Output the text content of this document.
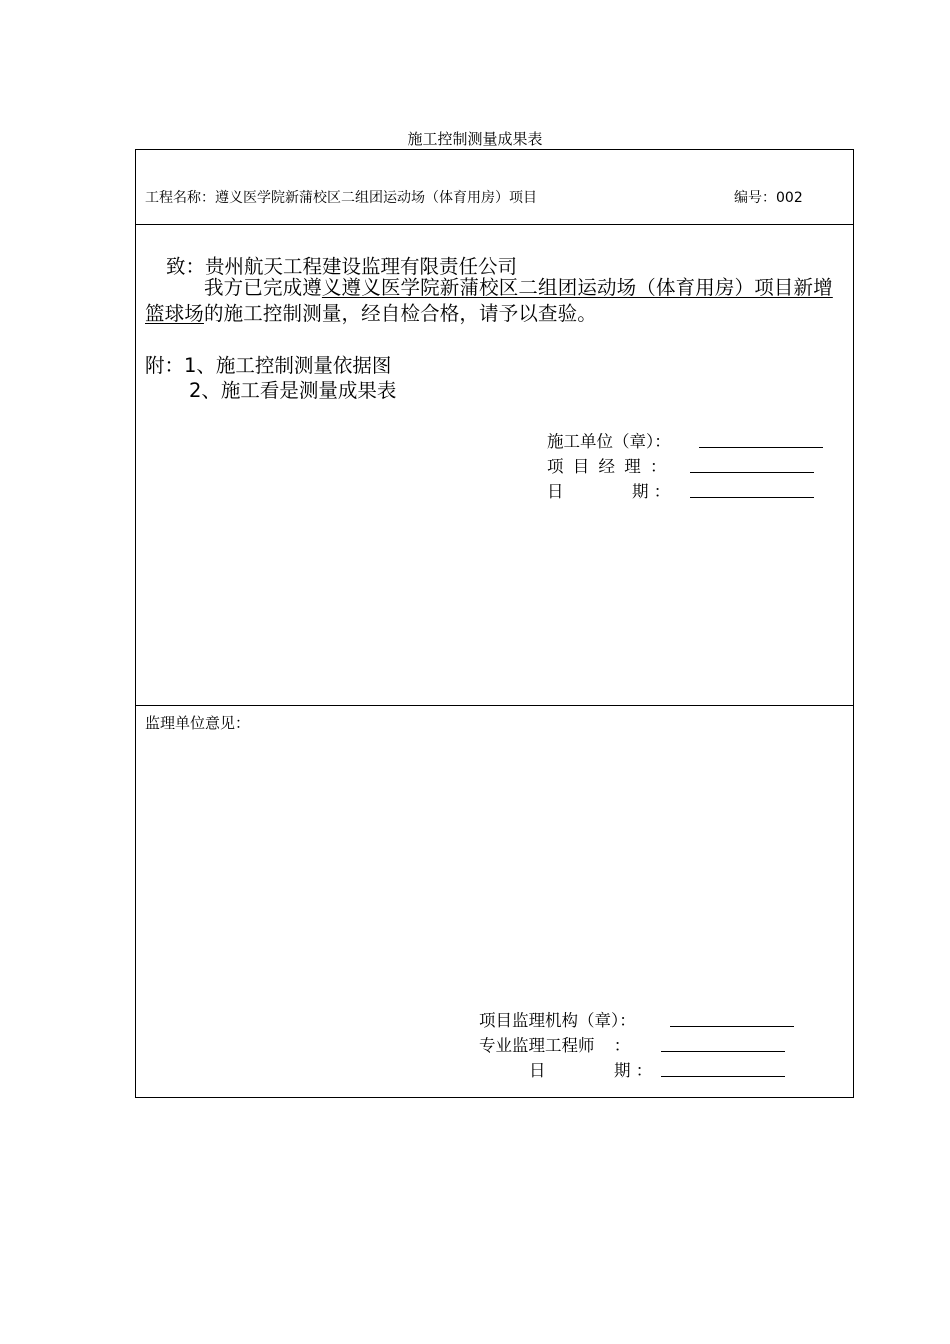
施工控制测量成果表
工程名称：遵义医学院新蒲校区二组团运动场（体育用房）项目	编号：002
致：贵州航天工程建设监理有限责任公司
我方已完成遵义遵义医学院新蒲校区二组团运动场（体育用房）项目新增篮球场的施工控制测量，经自检合格，请予以查验。
附：1、施工控制测量依据图
2、施工看是测量成果表
施工单位（章）：
项 目 经 理 ：
日	期 ：
监理单位意见：
项目监理机构（章）：
专业监理工程师 ：
日	期 ：
